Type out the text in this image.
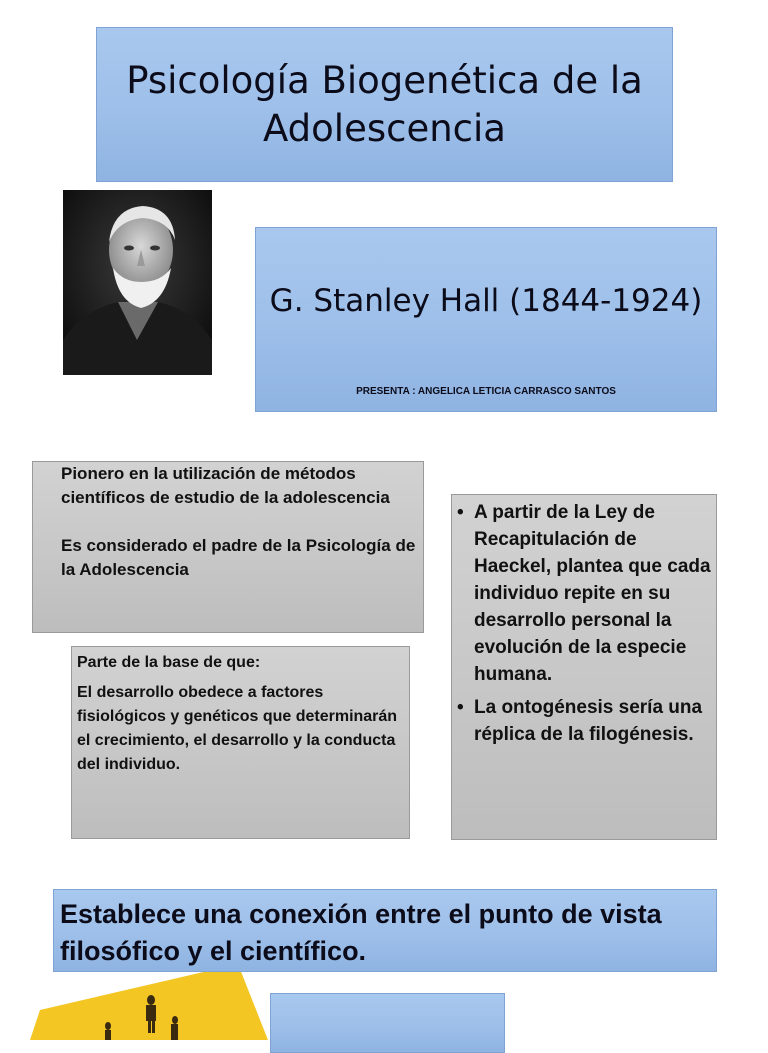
Psicología Biogenética de la Adolescencia
G. Stanley Hall (1844-1924)
PRESENTA : ANGELICA LETICIA CARRASCO SANTOS

Pionero en la utilización de métodos científicos de estudio de la adolescencia

Es considerado el padre de la Psicología de la Adolescencia

Parte de la base de que:

El desarrollo obedece a factores fisiológicos y genéticos que determinarán el crecimiento, el desarrollo y la conducta del individuo.

• A partir de la Ley de Recapitulación de Haeckel, plantea que cada individuo repite en su desarrollo personal la evolución de la especie humana.
• La ontogénesis sería una réplica de la filogénesis.
Establece una conexión entre el punto de vista filosófico y el científico.
